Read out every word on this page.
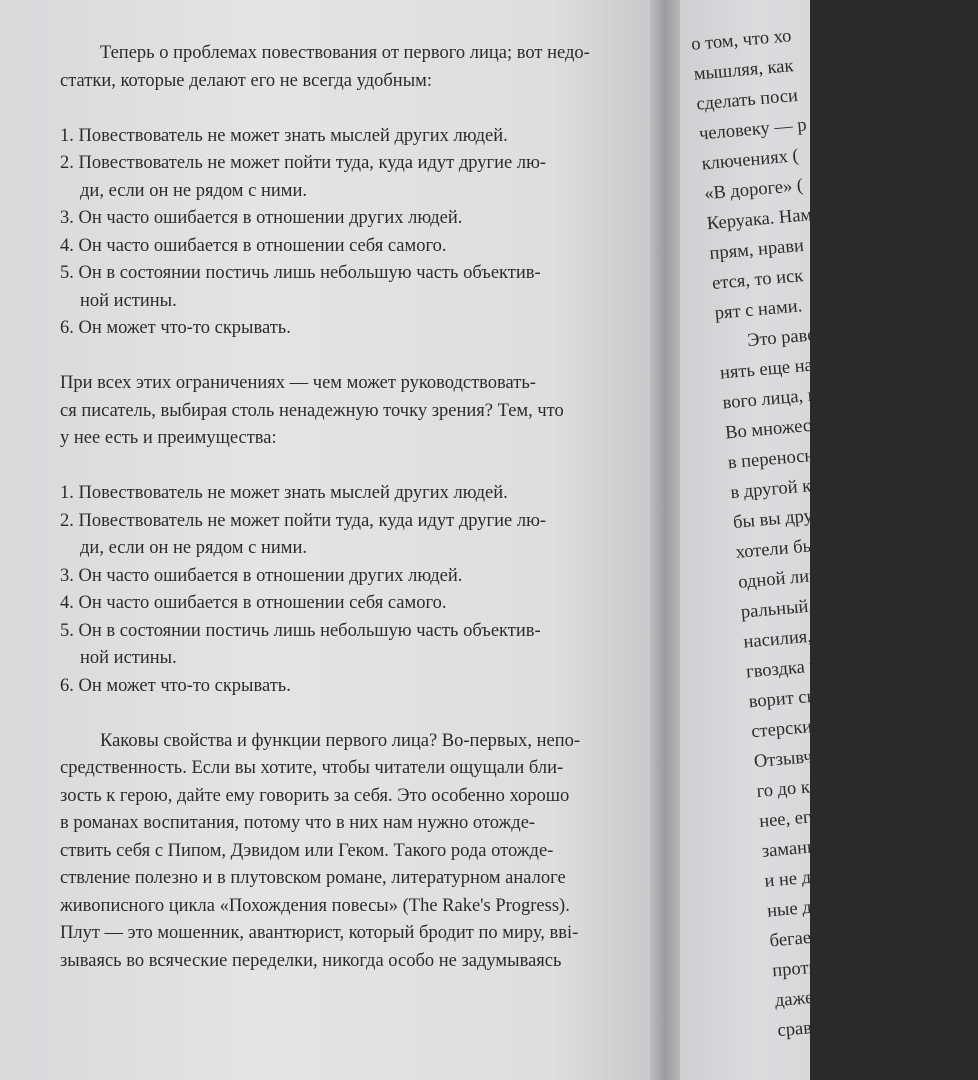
Теперь о проблемах повествования от первого лица; вот недо-
статки, которые делают его не всегда удобным:
1. Повествователь не может знать мыслей других людей.
2. Повествователь не может пойти туда, куда идут другие лю-
ди, если он не рядом с ними.
3. Он часто ошибается в отношении других людей.
4. Он часто ошибается в отношении себя самого.
5. Он в состоянии постичь лишь небольшую часть объектив-
ной истины.
6. Он может что-то скрывать.
При всех этих ограничениях — чем может руководствовать-
ся писатель, выбирая столь ненадежную точку зрения? Тем, что
у нее есть и преимущества:
1. Повествователь не может знать мыслей других людей.
2. Повествователь не может пойти туда, куда идут другие лю-
ди, если он не рядом с ними.
3. Он часто ошибается в отношении других людей.
4. Он часто ошибается в отношении себя самого.
5. Он в состоянии постичь лишь небольшую часть объектив-
ной истины.
6. Он может что-то скрывать.
Каковы свойства и функции первого лица? Во-первых, непо-
средственность. Если вы хотите, чтобы читатели ощущали бли-
зость к герою, дайте ему говорить за себя. Это особенно хорошо
в романах воспитания, потому что в них нам нужно отожде-
ствить себя с Пипом, Дэвидом или Геком. Такого рода отожде-
ствление полезно и в плутовском романе, литературном аналоге
живописного цикла «Похождения повесы» (The Rake's Progress).
Плут — это мошенник, авантюрист, который бродит по миру, вві-
зываясь во всяческие переделки, никогда особо не задумываясь
о том, что хо
мышляя, как
сделать поси
человеку — р
ключениях (
«В дороге» (
Керуака. Нам
прям, нрави
ется, то иск
рят с нами.
Это раве
нять еще на
вого лица, н
Во множест
в переносно
в другой кн
бы вы друж
хотели бы д
одной лишь
ральный, же
насилия, то
гвоздка в т
ворит своим
стерски обр
Отзывчив. И
го до крайн
нее, его со
заманивая
и не давая
ные действ
бегает анти
противоест
даже потру
сравнитель
